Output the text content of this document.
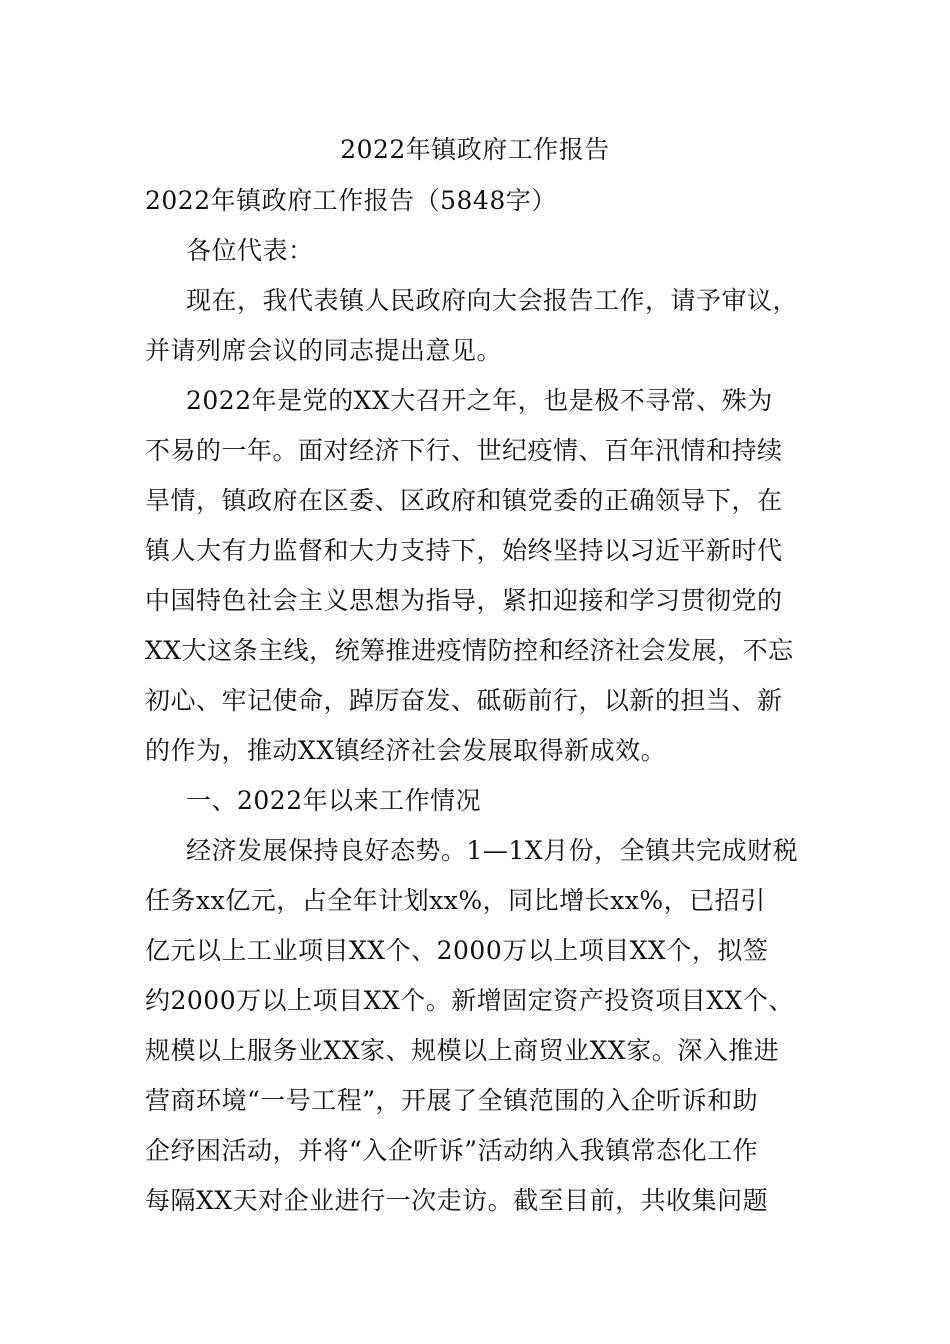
2022年镇政府工作报告
2022年镇政府工作报告（5848字）
各位代表：
现在，我代表镇人民政府向大会报告工作，请予审议，
并请列席会议的同志提出意见。
2022年是党的XX大召开之年，也是极不寻常、殊为
不易的一年。面对经济下行、世纪疫情、百年汛情和持续
旱情，镇政府在区委、区政府和镇党委的正确领导下，在
镇人大有力监督和大力支持下，始终坚持以习近平新时代
中国特色社会主义思想为指导，紧扣迎接和学习贯彻党的
XX大这条主线，统筹推进疫情防控和经济社会发展，不忘
初心、牢记使命，踔厉奋发、砥砺前行，以新的担当、新
的作为，推动XX镇经济社会发展取得新成效。
一、2022年以来工作情况
经济发展保持良好态势。1—1X月份，全镇共完成财税
任务xx亿元，占全年计划xx%，同比增长xx%，已招引
亿元以上工业项目XX个、2000万以上项目XX个，拟签
约2000万以上项目XX个。新增固定资产投资项目XX个、
规模以上服务业XX家、规模以上商贸业XX家。深入推进
营商环境“一号工程”，开展了全镇范围的入企听诉和助
企纾困活动，并将“入企听诉”活动纳入我镇常态化工作
每隔XX天对企业进行一次走访。截至目前，共收集问题
